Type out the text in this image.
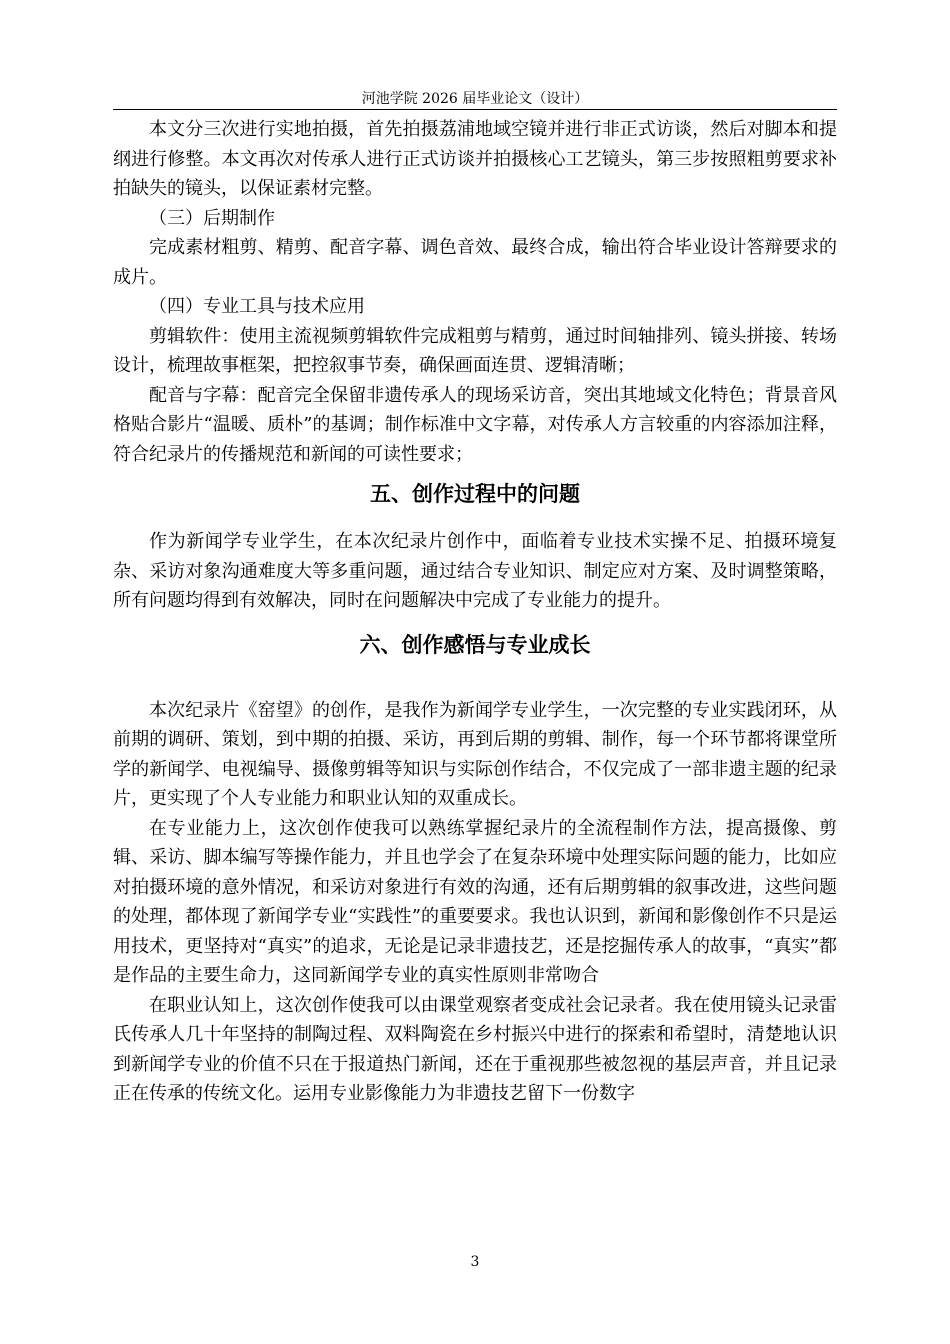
河池学院 2026 届毕业论文（设计）

本文分三次进行实地拍摄，首先拍摄荔浦地域空镜并进行非正式访谈，然后对脚本和提纲进行修整。本文再次对传承人进行正式访谈并拍摄核心工艺镜头，第三步按照粗剪要求补拍缺失的镜头，以保证素材完整。

（三）后期制作

完成素材粗剪、精剪、配音字幕、调色音效、最终合成，输出符合毕业设计答辩要求的成片。

（四）专业工具与技术应用

剪辑软件：使用主流视频剪辑软件完成粗剪与精剪，通过时间轴排列、镜头拼接、转场设计，梳理故事框架，把控叙事节奏，确保画面连贯、逻辑清晰；

配音与字幕：配音完全保留非遗传承人的现场采访音，突出其地域文化特色；背景音风格贴合影片“温暖、质朴”的基调；制作标准中文字幕，对传承人方言较重的内容添加注释，符合纪录片的传播规范和新闻的可读性要求；

五、创作过程中的问题

作为新闻学专业学生，在本次纪录片创作中，面临着专业技术实操不足、拍摄环境复杂、采访对象沟通难度大等多重问题，通过结合专业知识、制定应对方案、及时调整策略，所有问题均得到有效解决，同时在问题解决中完成了专业能力的提升。

六、创作感悟与专业成长

本次纪录片《窑望》的创作，是我作为新闻学专业学生，一次完整的专业实践闭环，从前期的调研、策划，到中期的拍摄、采访，再到后期的剪辑、制作，每一个环节都将课堂所学的新闻学、电视编导、摄像剪辑等知识与实际创作结合，不仅完成了一部非遗主题的纪录片，更实现了个人专业能力和职业认知的双重成长。

在专业能力上，这次创作使我可以熟练掌握纪录片的全流程制作方法，提高摄像、剪辑、采访、脚本编写等操作能力，并且也学会了在复杂环境中处理实际问题的能力，比如应对拍摄环境的意外情况，和采访对象进行有效的沟通，还有后期剪辑的叙事改进，这些问题的处理，都体现了新闻学专业“实践性”的重要要求。我也认识到，新闻和影像创作不只是运用技术，更坚持对“真实”的追求，无论是记录非遗技艺，还是挖掘传承人的故事，“真实”都是作品的主要生命力，这同新闻学专业的真实性原则非常吻合

在职业认知上，这次创作使我可以由课堂观察者变成社会记录者。我在使用镜头记录雷氏传承人几十年坚持的制陶过程、双料陶瓷在乡村振兴中进行的探索和希望时，清楚地认识到新闻学专业的价值不只在于报道热门新闻，还在于重视那些被忽视的基层声音，并且记录正在传承的传统文化。运用专业影像能力为非遗技艺留下一份数字

3
